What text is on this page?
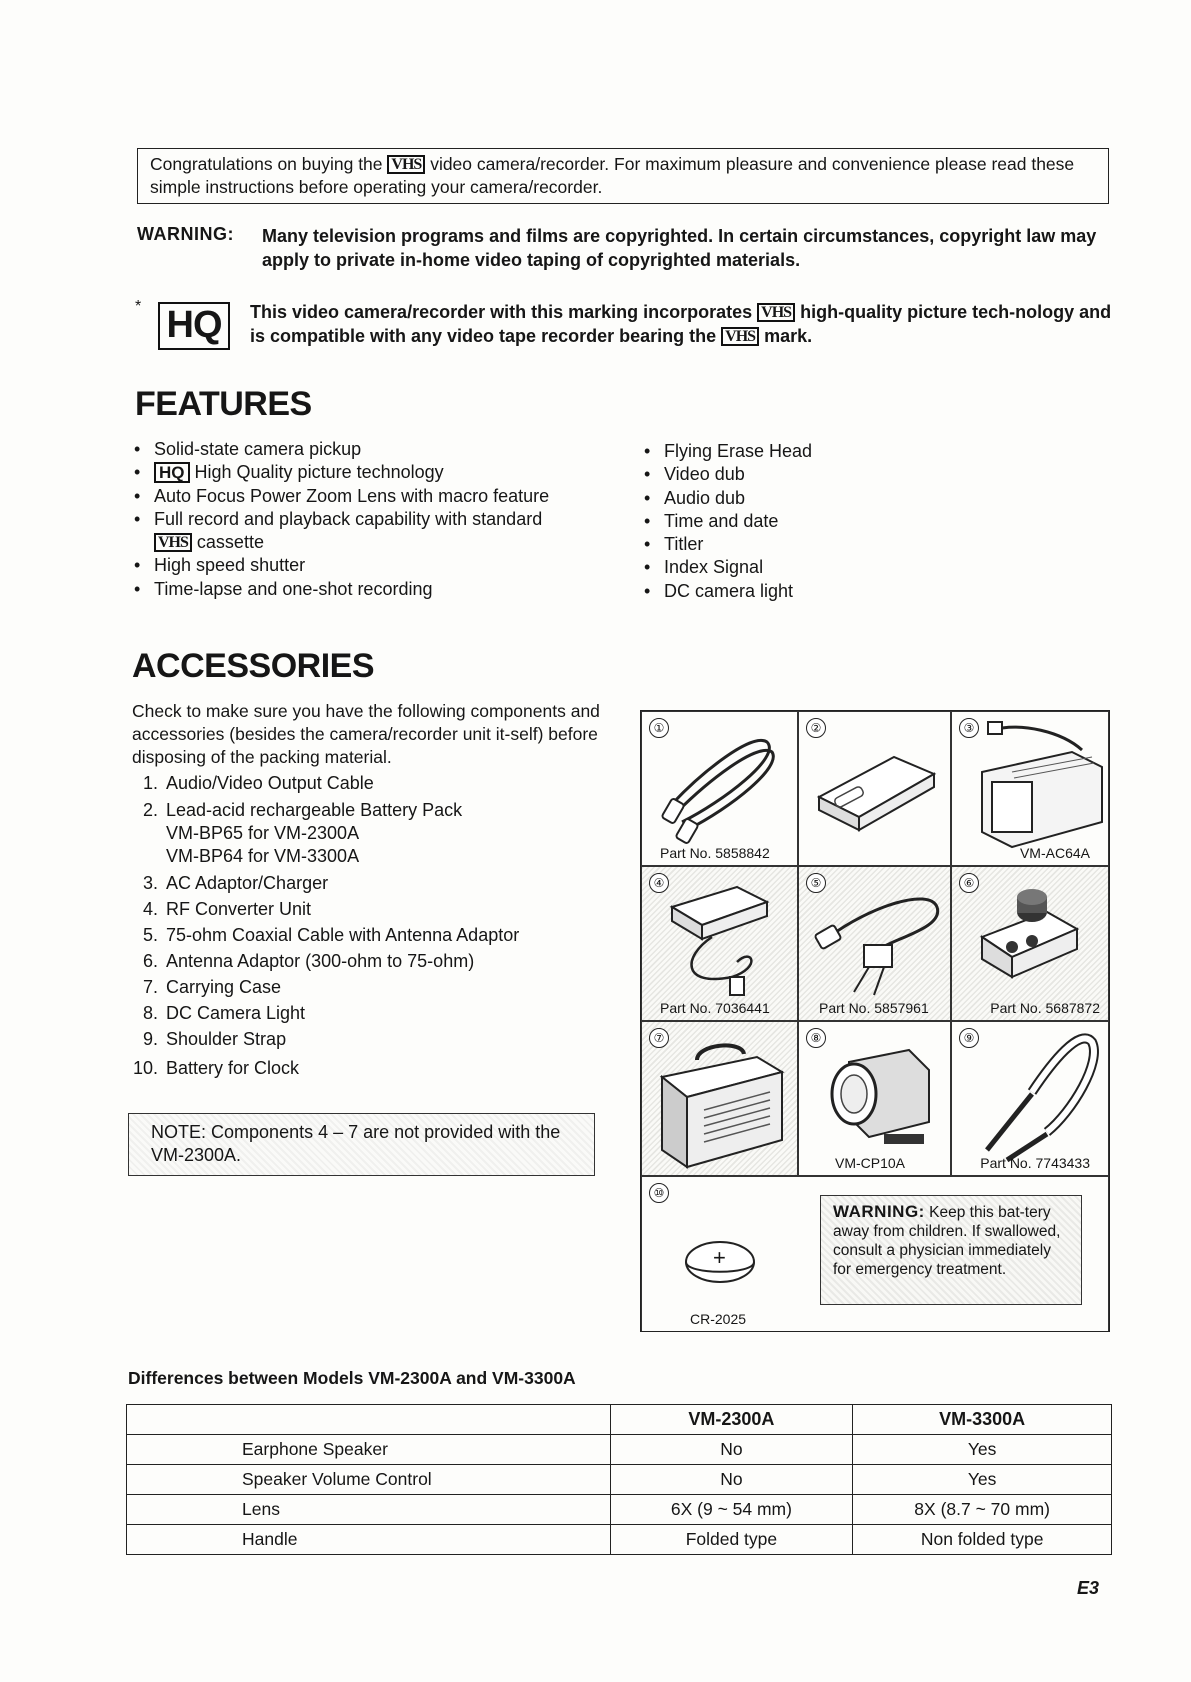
Congratulations on buying the VHS video camera/recorder. For maximum pleasure and convenience please read these simple instructions before operating your camera/recorder.
WARNING: Many television programs and films are copyrighted. In certain circumstances, copyright law may apply to private in-home video taping of copyrighted materials.
* HQ	This video camera/recorder with this marking incorporates VHS high-quality picture tech-nology and is compatible with any video tape recorder bearing the VHS mark.
FEATURES
• Solid-state camera pickup
• HQ High Quality picture technology
• Auto Focus Power Zoom Lens with macro feature
• Full record and playback capability with standard
VHS cassette
• High speed shutter
• Time-lapse and one-shot recording
• Flying Erase Head
• Video dub
• Audio dub
• Time and date
• Titler
• Index Signal
• DC camera light
ACCESSORIES
Check to make sure you have the following components and accessories (besides the camera/recorder unit it-self) before disposing of the packing material.
1. Audio/Video Output Cable
2. Lead-acid rechargeable Battery Pack
VM-BP65 for VM-2300A
VM-BP64 for VM-3300A
3. AC Adaptor/Charger
4. RF Converter Unit
5. 75-ohm Coaxial Cable with Antenna Adaptor
6. Antenna Adaptor (300-ohm to 75-ohm)
7. Carrying Case
8. DC Camera Light
9. Shoulder Strap
10. Battery for Clock
NOTE: Components 4 – 7 are not provided with the VM-2300A.
①
Part No. 5858842
②	③
VM-AC64A
④
Part No. 7036441
⑤
Part No. 5857961
⑥
Part No. 5687872
⑦	⑧
VM-CP10A
⑨
Part No. 7743433
⑩
+
CR-2025
WARNING: Keep this bat-tery away from children. If swallowed, consult a physician immediately for emergency treatment.
Differences between Models VM-2300A and VM-3300A
	VM-2300A	VM-3300A
Earphone Speaker	No	Yes
Speaker Volume Control	No	Yes
Lens	6X (9 ~ 54 mm)	8X (8.7 ~ 70 mm)
Handle	Folded type	Non folded type
E3
